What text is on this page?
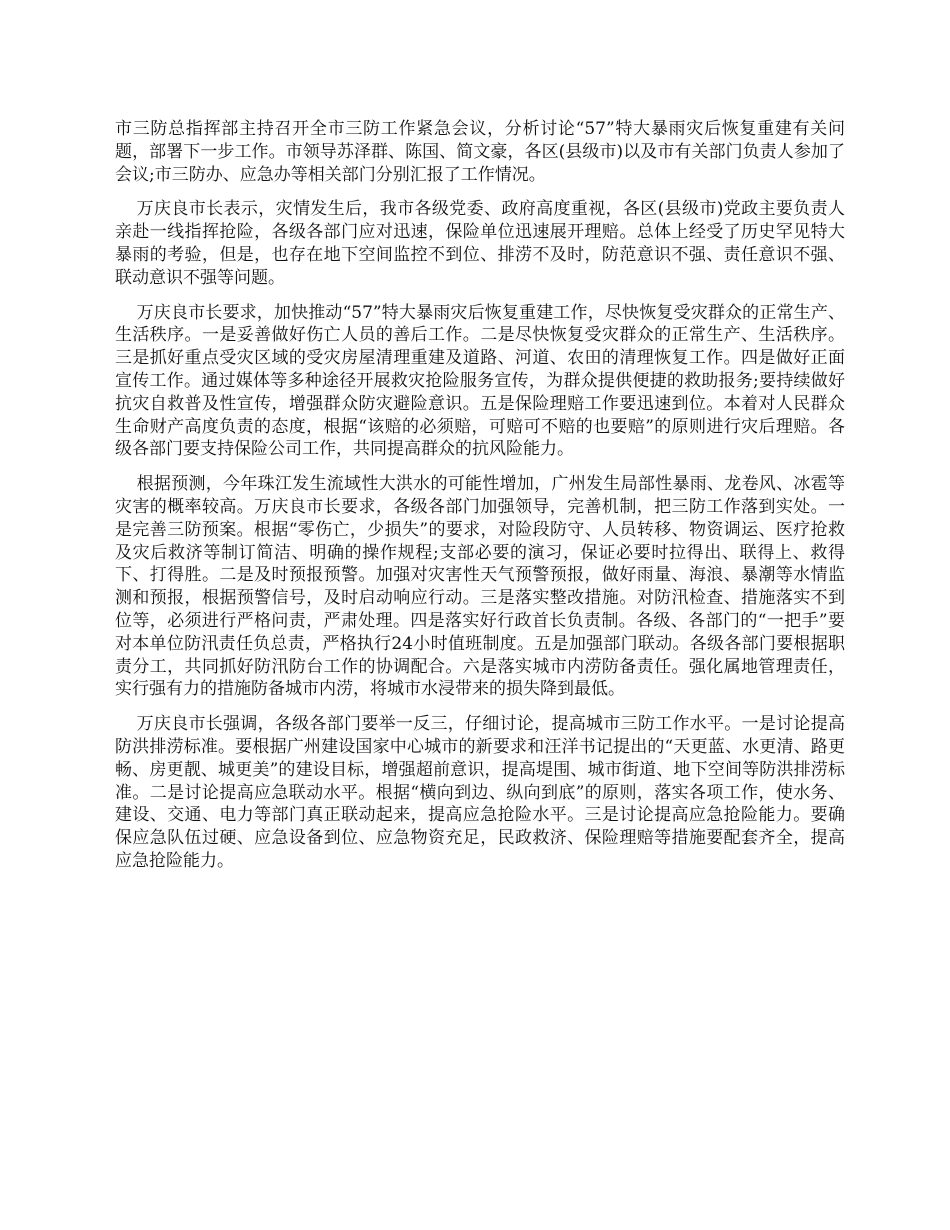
市三防总指挥部主持召开全市三防工作紧急会议，分析讨论“57”特大暴雨灾后恢复重建有关问题，部署下一步工作。市领导苏泽群、陈国、简文豪，各区(县级市)以及市有关部门负责人参加了会议;市三防办、应急办等相关部门分别汇报了工作情况。

万庆良市长表示，灾情发生后，我市各级党委、政府高度重视，各区(县级市)党政主要负责人亲赴一线指挥抢险，各级各部门应对迅速，保险单位迅速展开理赔。总体上经受了历史罕见特大暴雨的考验，但是，也存在地下空间监控不到位、排涝不及时，防范意识不强、责任意识不强、联动意识不强等问题。

万庆良市长要求，加快推动“57”特大暴雨灾后恢复重建工作，尽快恢复受灾群众的正常生产、生活秩序。一是妥善做好伤亡人员的善后工作。二是尽快恢复受灾群众的正常生产、生活秩序。三是抓好重点受灾区域的受灾房屋清理重建及道路、河道、农田的清理恢复工作。四是做好正面宣传工作。通过媒体等多种途径开展救灾抢险服务宣传，为群众提供便捷的救助报务;要持续做好抗灾自救普及性宣传，增强群众防灾避险意识。五是保险理赔工作要迅速到位。本着对人民群众生命财产高度负责的态度，根据“该赔的必须赔，可赔可不赔的也要赔”的原则进行灾后理赔。各级各部门要支持保险公司工作，共同提高群众的抗风险能力。

根据预测，今年珠江发生流域性大洪水的可能性增加，广州发生局部性暴雨、龙卷风、冰雹等灾害的概率较高。万庆良市长要求，各级各部门加强领导，完善机制，把三防工作落到实处。一是完善三防预案。根据“零伤亡，少损失”的要求，对险段防守、人员转移、物资调运、医疗抢救及灾后救济等制订简洁、明确的操作规程;支部必要的演习，保证必要时拉得出、联得上、救得下、打得胜。二是及时预报预警。加强对灾害性天气预警预报，做好雨量、海浪、暴潮等水情监测和预报，根据预警信号，及时启动响应行动。三是落实整改措施。对防汛检查、措施落实不到位等，必须进行严格问责，严肃处理。四是落实好行政首长负责制。各级、各部门的“一把手”要对本单位防汛责任负总责，严格执行24小时值班制度。五是加强部门联动。各级各部门要根据职责分工，共同抓好防汛防台工作的协调配合。六是落实城市内涝防备责任。强化属地管理责任，实行强有力的措施防备城市内涝，将城市水浸带来的损失降到最低。

万庆良市长强调，各级各部门要举一反三，仔细讨论，提高城市三防工作水平。一是讨论提高防洪排涝标准。要根据广州建设国家中心城市的新要求和汪洋书记提出的“天更蓝、水更清、路更畅、房更靓、城更美”的建设目标，增强超前意识，提高堤围、城市街道、地下空间等防洪排涝标准。二是讨论提高应急联动水平。根据“横向到边、纵向到底”的原则，落实各项工作，使水务、建设、交通、电力等部门真正联动起来，提高应急抢险水平。三是讨论提高应急抢险能力。要确保应急队伍过硬、应急设备到位、应急物资充足，民政救济、保险理赔等措施要配套齐全，提高应急抢险能力。
